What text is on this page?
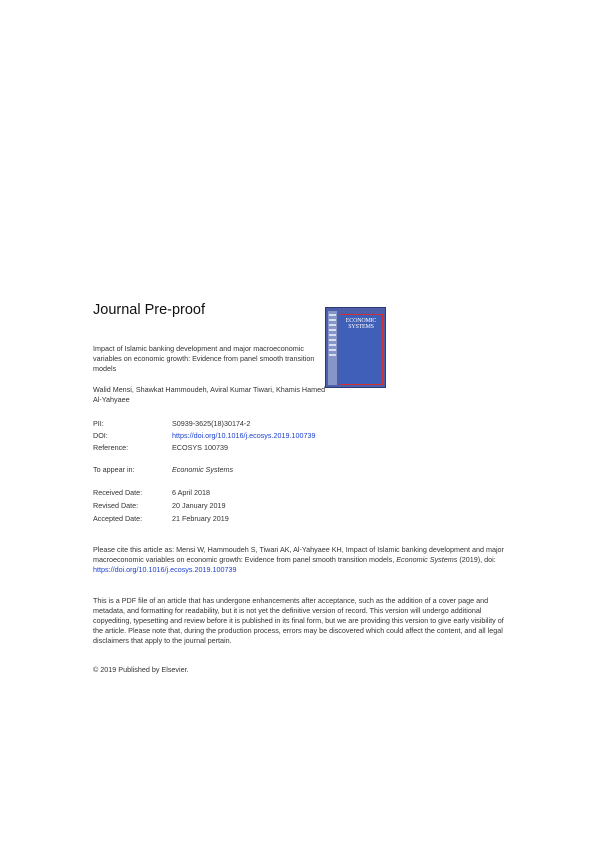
Journal Pre-proof
Impact of Islamic banking development and major macroeconomic variables on economic growth: Evidence from panel smooth transition models
Walid Mensi, Shawkat Hammoudeh, Aviral Kumar Tiwari, Khamis Hamed Al-Yahyaee
ECONOMIC SYSTEMS
PII:	S0939-3625(18)30174-2
DOI:	https://doi.org/10.1016/j.ecosys.2019.100739
Reference:	ECOSYS 100739
To appear in:	Economic Systems
Received Date:	6 April 2018
Revised Date:	20 January 2019
Accepted Date:	21 February 2019
Please cite this article as: Mensi W, Hammoudeh S, Tiwari AK, Al-Yahyaee KH, Impact of Islamic banking development and major macroeconomic variables on economic growth: Evidence from panel smooth transition models, Economic Systems (2019), doi: https://doi.org/10.1016/j.ecosys.2019.100739
This is a PDF file of an article that has undergone enhancements after acceptance, such as the addition of a cover page and metadata, and formatting for readability, but it is not yet the definitive version of record. This version will undergo additional copyediting, typesetting and review before it is published in its final form, but we are providing this version to give early visibility of the article. Please note that, during the production process, errors may be discovered which could affect the content, and all legal disclaimers that apply to the journal pertain.
© 2019 Published by Elsevier.
